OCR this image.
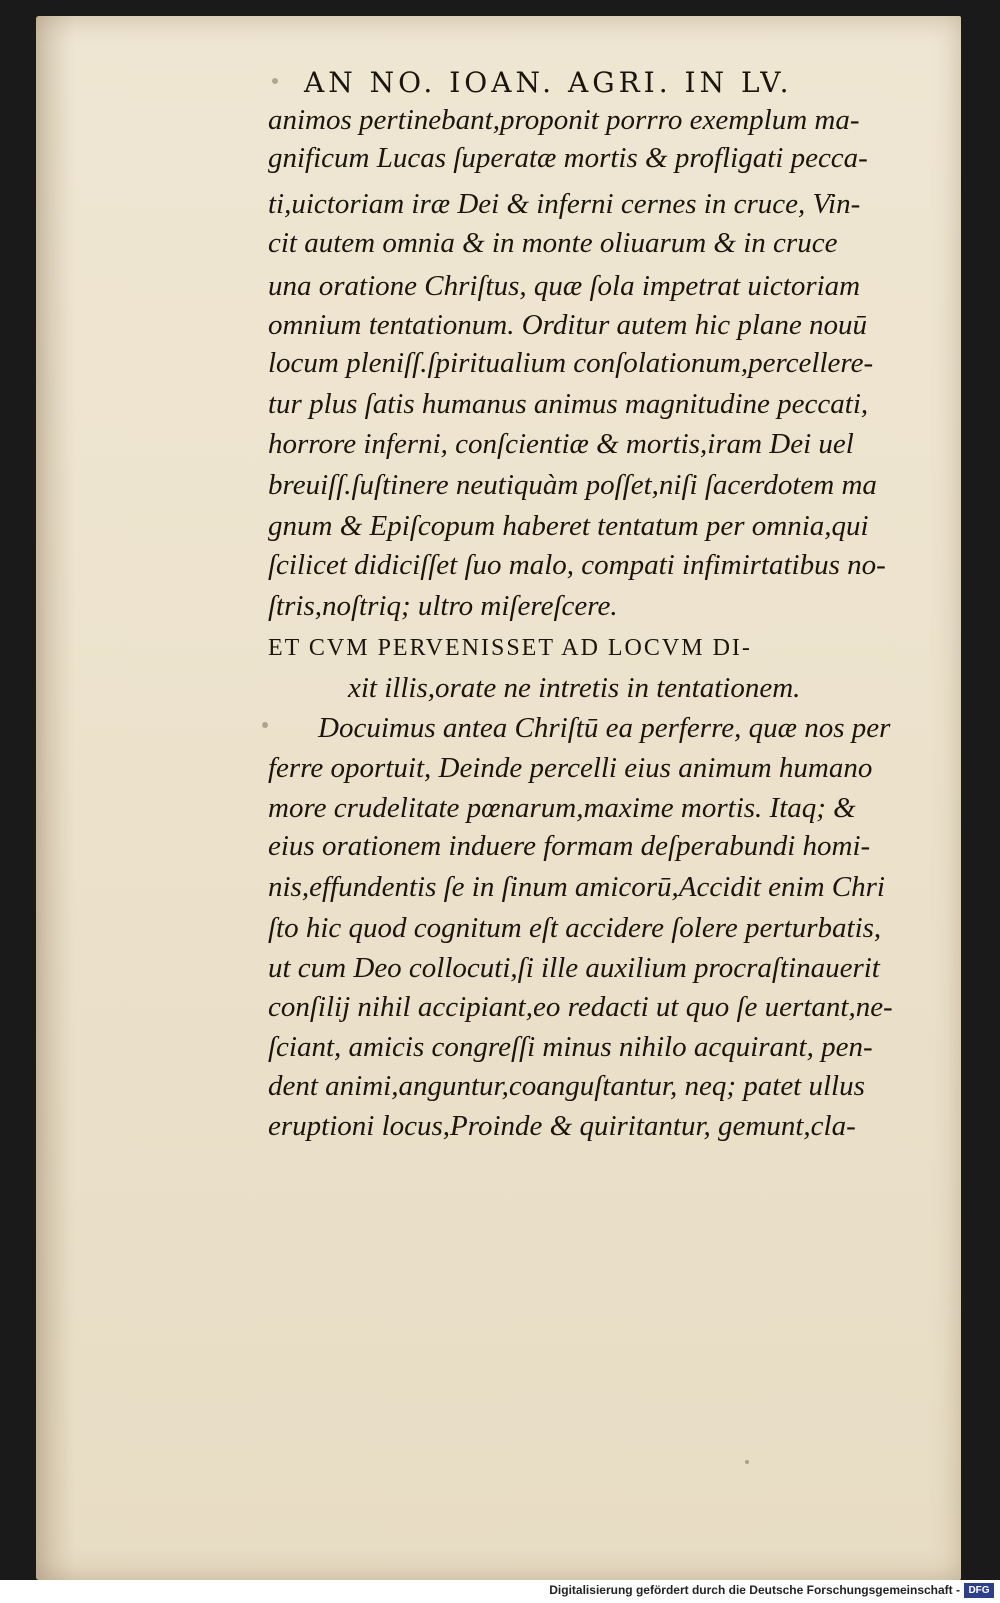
AN NO. IOAN. AGRI. IN LV.
animos pertinebant,proponit porrro exemplum ma-
gnificum Lucas ſuperatæ mortis & profligati pecca-
ti,uictoriam iræ Dei & inferni cernes in cruce, Vin-
cit autem omnia & in monte oliuarum & in cruce
una oratione Chriſtus, quæ ſola impetrat uictoriam
omnium tentationum. Orditur autem hic plane nouū
locum pleniſſ.ſpiritualium conſolationum,percellere-
tur plus ſatis humanus animus magnitudine peccati,
horrore inferni, conſcientiæ & mortis,iram Dei uel
breuiſſ.ſuſtinere neutiquàm poſſet,niſi ſacerdotem ma
gnum & Epiſcopum haberet tentatum per omnia,qui
ſcilicet didiciſſet ſuo malo, compati infimirtatibus no-
ſtris,noſtriq; ultro miſereſcere.
ET CVM PERVENISSET AD LOCVM DI-
xit illis,orate ne intretis in tentationem.
Docuimus antea Chriſtū ea perferre, quæ nos per
ferre oportuit, Deinde percelli eius animum humano
more crudelitate pœnarum,maxime mortis. Itaq; &
eius orationem induere formam deſperabundi homi-
nis,effundentis ſe in ſinum amicorū,Accidit enim Chri
ſto hic quod cognitum eſt accidere ſolere perturbatis,
ut cum Deo collocuti,ſi ille auxilium procraſtinauerit
conſilij nihil accipiant,eo redacti ut quo ſe uertant,ne-
ſciant, amicis congreſſi minus nihilo acquirant, pen-
dent animi,anguntur,coanguſtantur, neq; patet ullus
eruptioni locus,Proinde & quiritantur, gemunt,cla-
Digitalisierung gefördert durch die Deutsche Forschungsgemeinschaft - DFG
